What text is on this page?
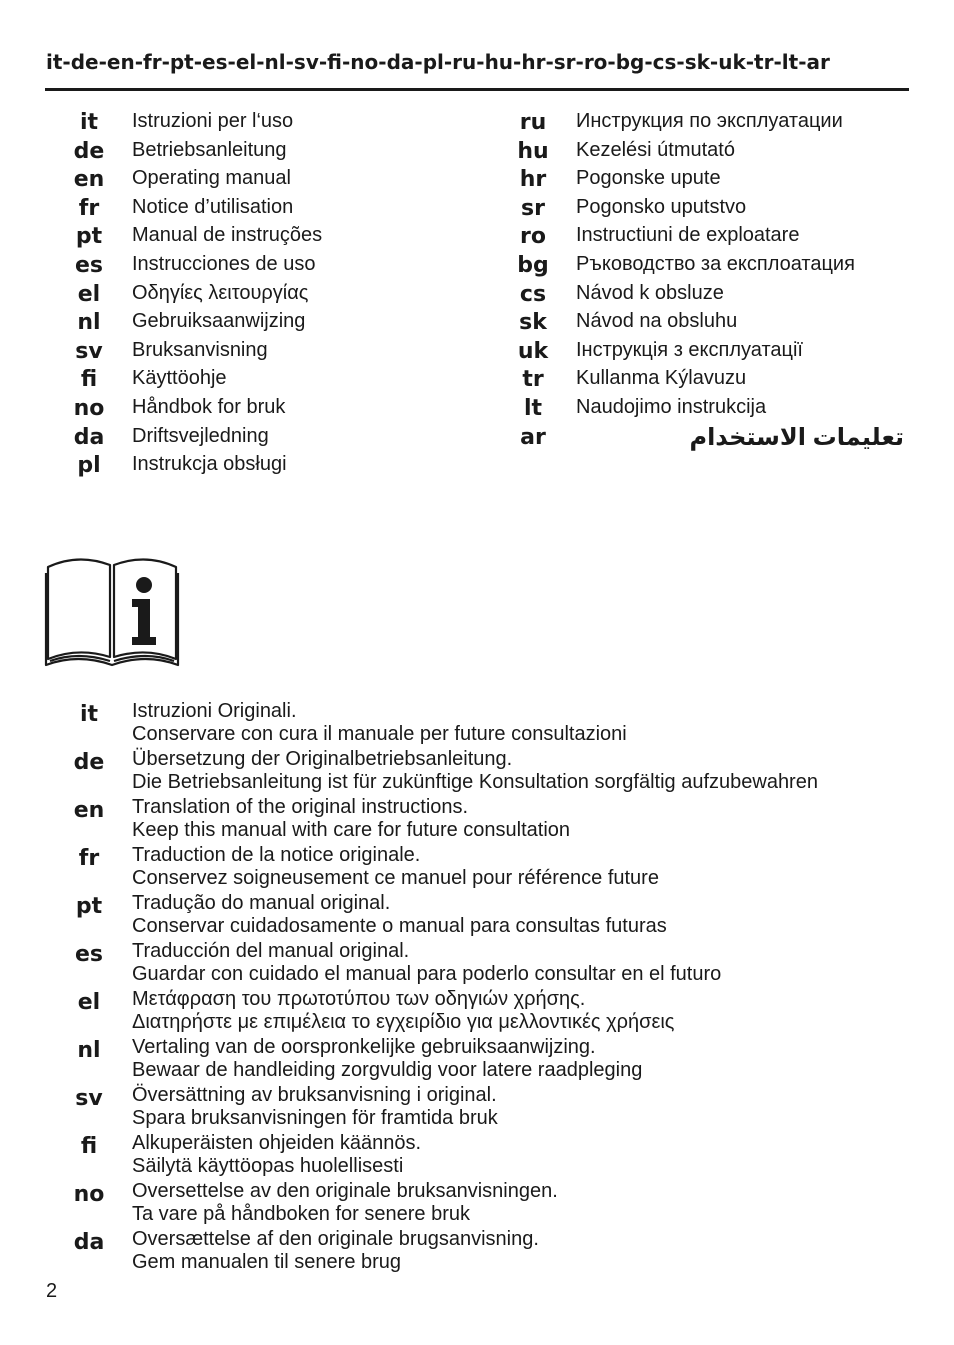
it-de-en-fr-pt-es-el-nl-sv-fi-no-da-pl-ru-hu-hr-sr-ro-bg-cs-sk-uk-tr-lt-ar
it	Istruzioni per l‘uso
de	Betriebsanleitung
en	Operating manual
fr	Notice d’utilisation
pt	Manual de instruções
es	Instrucciones de uso
el	Οδηγίες λειτουργίας
nl	Gebruiksaanwijzing
sv	Bruksanvisning
fi	Käyttöohje
no	Håndbok for bruk
da	Driftsvejledning
pl	Instrukcja obsługi
ru	Инструкция по эксплуатации
hu	Kezelési útmutató
hr	Pogonske upute
sr	Pogonsko uputstvo
ro	Instructiuni de exploatare
bg	Ръководство за експлоатация
cs	Návod k obsluze
sk	Návod na obsluhu
uk	Інструкція з експлуатації
tr	Kullanma Kýlavuzu
lt	Naudojimo instrukcija
ar	تعليمات الاستخدام
it	Istruzioni Originali.
Conservare con cura il manuale per future consultazioni
de	Übersetzung der Originalbetriebsanleitung.
Die Betriebsanleitung ist für zukünftige Konsultation sorgfältig aufzubewahren
en	Translation of the original instructions.
Keep this manual with care for future consultation
fr	Traduction de la notice originale.
Conservez soigneusement ce manuel pour référence future
pt	Tradução do manual original.
Conservar cuidadosamente o manual para consultas futuras
es	Traducción del manual original.
Guardar con cuidado el manual para poderlo consultar en el futuro
el	Μετάφραση του πρωτοτύπου των οδηγιών χρήσης.
Διατηρήστε με επιμέλεια το εγχειρίδιο για μελλοντικές χρήσεις
nl	Vertaling van de oorspronkelijke gebruiksaanwijzing.
Bewaar de handleiding zorgvuldig voor latere raadpleging
sv	Översättning av bruksanvisning i original.
Spara bruksanvisningen för framtida bruk
fi	Alkuperäisten ohjeiden käännös.
Säilytä käyttöopas huolellisesti
no	Oversettelse av den originale bruksanvisningen.
Ta vare på håndboken for senere bruk
da	Oversættelse af den originale brugsanvisning.
Gem manualen til senere brug
2
